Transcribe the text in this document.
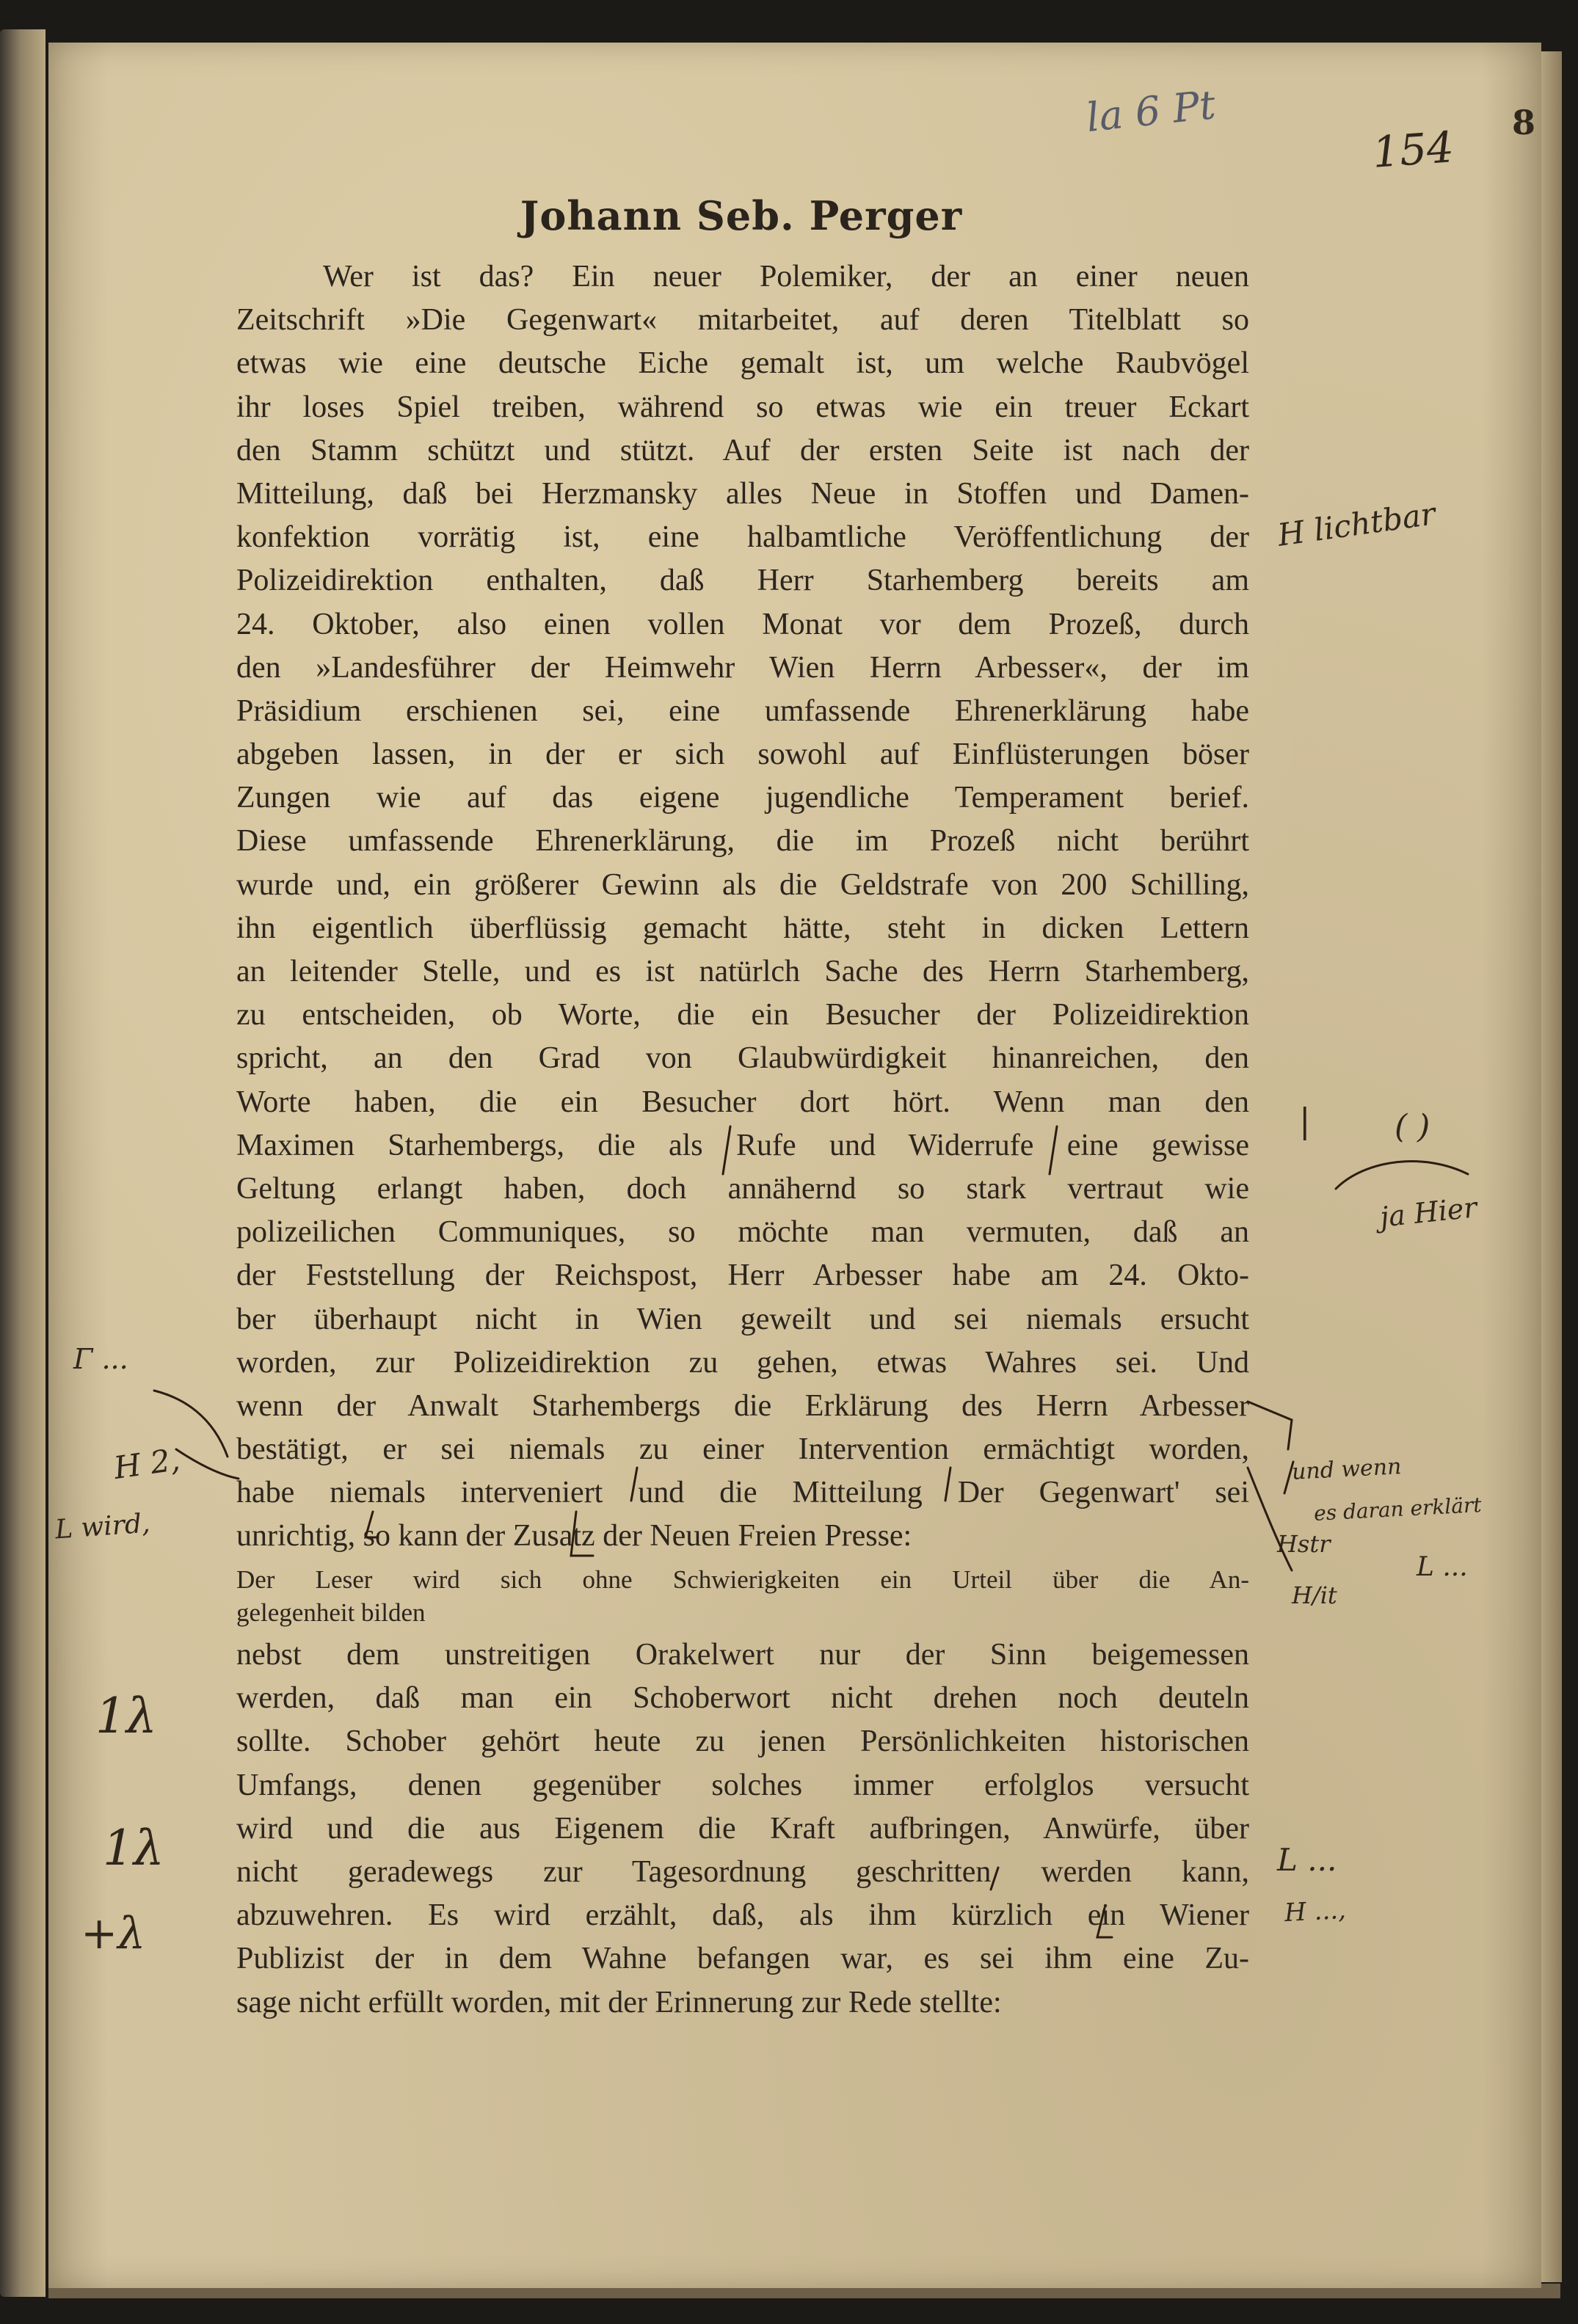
la 6 Pt
154 8
Johann Seb. Perger
Wer ist das? Ein neuer Polemiker, der an einer neuen
Zeitschrift »Die Gegenwart« mitarbeitet, auf deren Titelblatt so
etwas wie eine deutsche Eiche gemalt ist, um welche Raubvögel
ihr loses Spiel treiben, während so etwas wie ein treuer Eckart
den Stamm schützt und stützt. Auf der ersten Seite ist nach der
Mitteilung, daß bei Herzmansky alles Neue in Stoffen und Damen-
konfektion vorrätig ist, eine halbamtliche Veröffentlichung der
Polizeidirektion enthalten, daß Herr Starhemberg bereits am
24. Oktober, also einen vollen Monat vor dem Prozeß, durch
den »Landesführer der Heimwehr Wien Herrn Arbesser«, der im
Präsidium erschienen sei, eine umfassende Ehrenerklärung habe
abgeben lassen, in der er sich sowohl auf Einflüsterungen böser
Zungen wie auf das eigene jugendliche Temperament berief.
Diese umfassende Ehrenerklärung, die im Prozeß nicht berührt
wurde und, ein größerer Gewinn als die Geldstrafe von 200 Schilling,
ihn eigentlich überflüssig gemacht hätte, steht in dicken Lettern
an leitender Stelle, und es ist natürlch Sache des Herrn Starhemberg,
zu entscheiden, ob Worte, die ein Besucher der Polizeidirektion
spricht, an den Grad von Glaubwürdigkeit hinanreichen, den
Worte haben, die ein Besucher dort hört. Wenn man den
Maximen Starhembergs, die als Rufe und Widerrufe eine gewisse
Geltung erlangt haben, doch annähernd so stark vertraut wie
polizeilichen Communiques, so möchte man vermuten, daß an
der Feststellung der Reichspost, Herr Arbesser habe am 24. Okto-
ber überhaupt nicht in Wien geweilt und sei niemals ersucht
worden, zur Polizeidirektion zu gehen, etwas Wahres sei. Und
wenn der Anwalt Starhembergs die Erklärung des Herrn Arbesser
bestätigt, er sei niemals zu einer Intervention ermächtigt worden,
habe niemals interveniert und die Mitteilung Der Gegenwart' sei
unrichtig, so kann der Zusatz der Neuen Freien Presse:
Der Leser wird sich ohne Schwierigkeiten ein Urteil über die An-
gelegenheit bilden
nebst dem unstreitigen Orakelwert nur der Sinn beigemessen
werden, daß man ein Schoberwort nicht drehen noch deuteln
sollte. Schober gehört heute zu jenen Persönlichkeiten historischen
Umfangs, denen gegenüber solches immer erfolglos versucht
wird und die aus Eigenem die Kraft aufbringen, Anwürfe, über
nicht geradewegs zur Tagesordnung geschritten werden kann,
abzuwehren. Es wird erzählt, daß, als ihm kürzlich ein Wiener
Publizist der in dem Wahne befangen war, es sei ihm eine Zu-
sage nicht erfüllt worden, mit der Erinnerung zur Rede stellte:
H lichtbar
|	( )
ja Hier
Γ ...
H 2,
L wird,
und wenn
es daran erklärt
H/it
L ...
Hstr
1λ
1λ
+λ
L ...
H ...,
